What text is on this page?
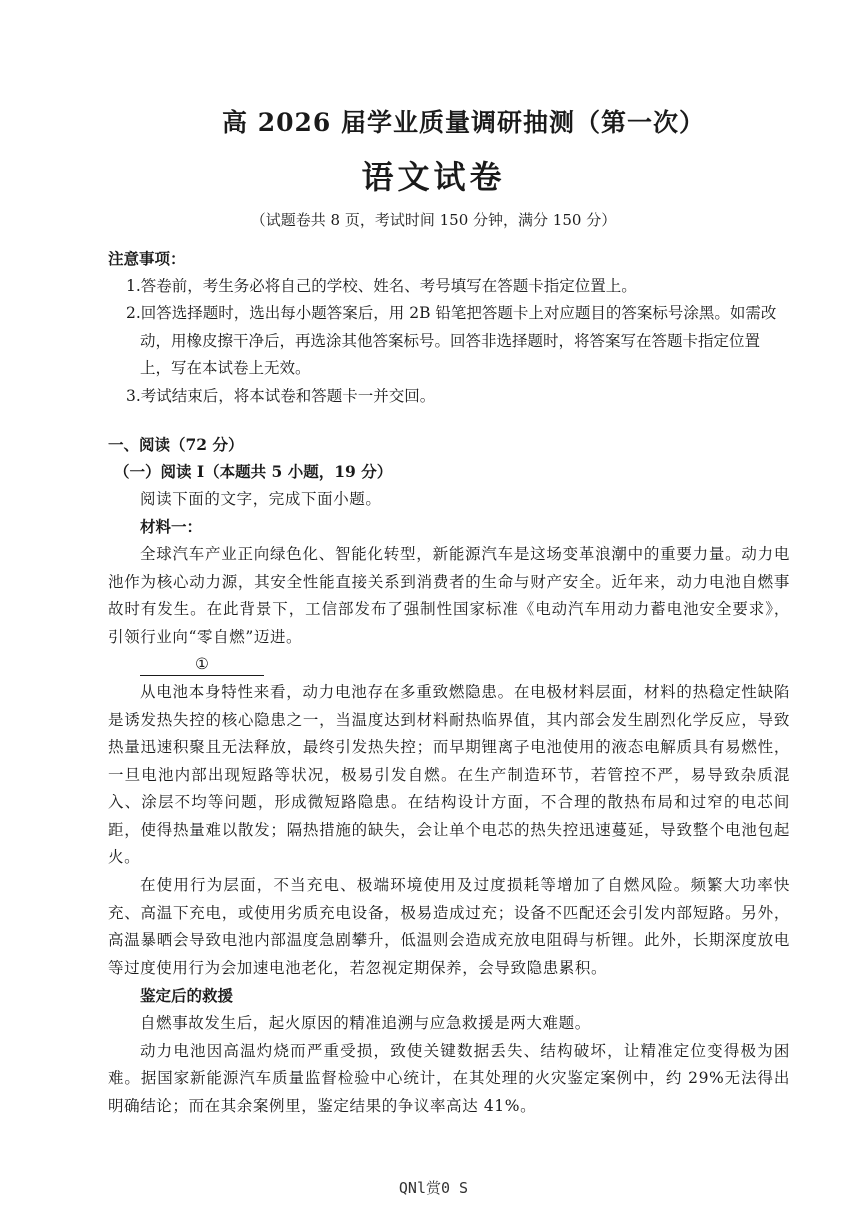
高 2026 届学业质量调研抽测（第一次）
语文试卷
（试题卷共 8 页，考试时间 150 分钟，满分 150 分）

注意事项：

1.答卷前，考生务必将自己的学校、姓名、考号填写在答题卡指定位置上。

2.回答选择题时，选出每小题答案后，用 2B 铅笔把答题卡上对应题目的答案标号涂黑。如需改动，用橡皮擦干净后，再选涂其他答案标号。回答非选择题时，将答案写在答题卡指定位置上，写在本试卷上无效。

3.考试结束后，将本试卷和答题卡一并交回。

一、阅读（72 分）

（一）阅读 I（本题共 5 小题，19 分）

阅读下面的文字，完成下面小题。

材料一：

全球汽车产业正向绿色化、智能化转型，新能源汽车是这场变革浪潮中的重要力量。动力电池作为核心动力源，其安全性能直接关系到消费者的生命与财产安全。近年来，动力电池自燃事故时有发生。在此背景下，工信部发布了强制性国家标准《电动汽车用动力蓄电池安全要求》，引领行业向“零自燃”迈进。

①

从电池本身特性来看，动力电池存在多重致燃隐患。在电极材料层面，材料的热稳定性缺陷是诱发热失控的核心隐患之一，当温度达到材料耐热临界值，其内部会发生剧烈化学反应，导致热量迅速积聚且无法释放，最终引发热失控；而早期锂离子电池使用的液态电解质具有易燃性，一旦电池内部出现短路等状况，极易引发自燃。在生产制造环节，若管控不严，易导致杂质混入、涂层不均等问题，形成微短路隐患。在结构设计方面，不合理的散热布局和过窄的电芯间距，使得热量难以散发；隔热措施的缺失，会让单个电芯的热失控迅速蔓延，导致整个电池包起火。

在使用行为层面，不当充电、极端环境使用及过度损耗等增加了自燃风险。频繁大功率快充、高温下充电，或使用劣质充电设备，极易造成过充；设备不匹配还会引发内部短路。另外，高温暴晒会导致电池内部温度急剧攀升，低温则会造成充放电阻碍与析锂。此外，长期深度放电等过度使用行为会加速电池老化，若忽视定期保养，会导致隐患累积。

鉴定后的救援

自燃事故发生后，起火原因的精准追溯与应急救援是两大难题。

动力电池因高温灼烧而严重受损，致使关键数据丢失、结构破坏，让精准定位变得极为困难。据国家新能源汽车质量监督检验中心统计，在其处理的火灾鉴定案例中，约 29%无法得出明确结论；而在其余案例里，鉴定结果的争议率高达 41%。

QNl赏0 S
